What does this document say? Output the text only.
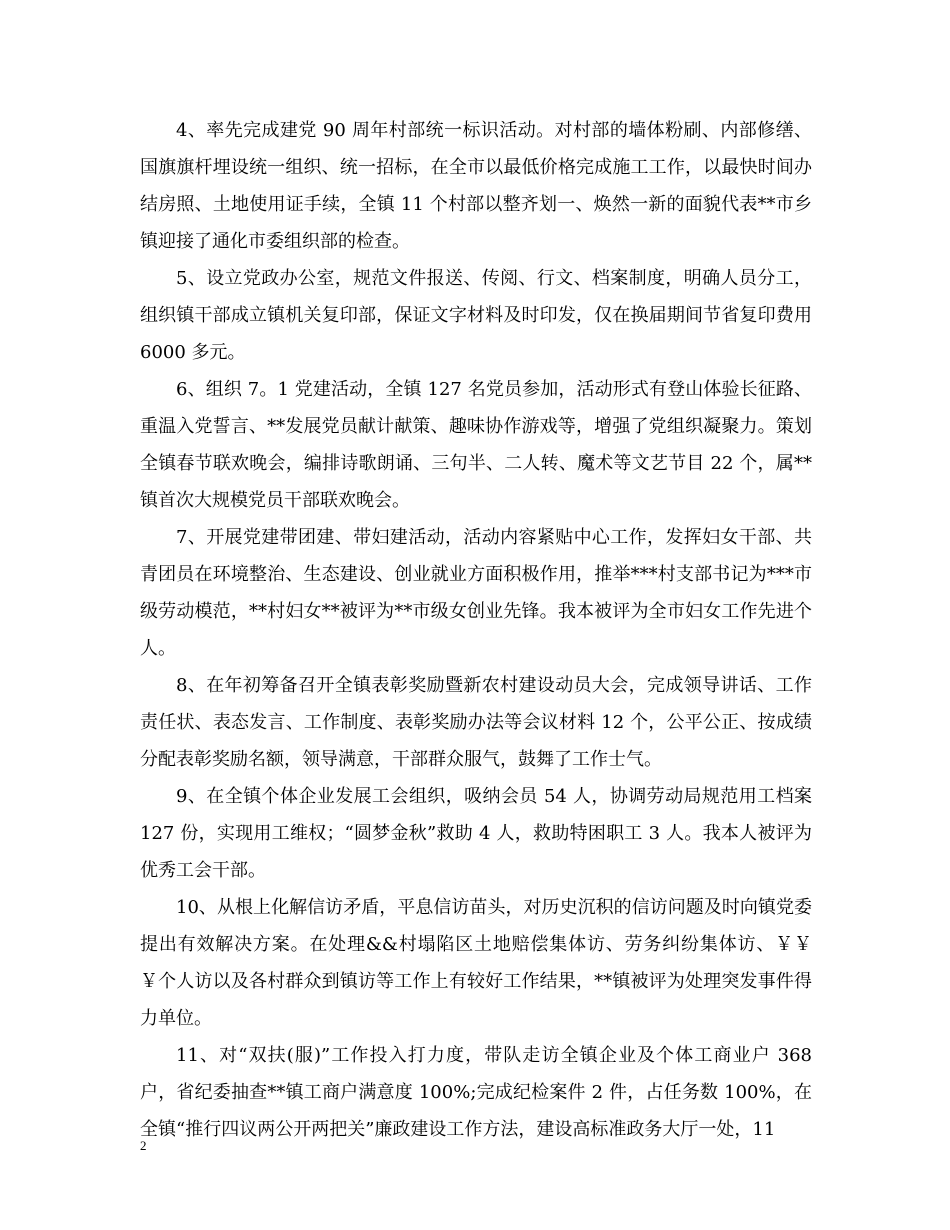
4、率先完成建党 90 周年村部统一标识活动。对村部的墙体粉刷、内部修缮、国旗旗杆埋设统一组织、统一招标，在全市以最低价格完成施工工作，以最快时间办结房照、土地使用证手续，全镇 11 个村部以整齐划一、焕然一新的面貌代表**市乡镇迎接了通化市委组织部的检查。

5、设立党政办公室，规范文件报送、传阅、行文、档案制度，明确人员分工，组织镇干部成立镇机关复印部，保证文字材料及时印发，仅在换届期间节省复印费用 6000 多元。

6、组织 7。1 党建活动，全镇 127 名党员参加，活动形式有登山体验长征路、重温入党誓言、**发展党员献计献策、趣味协作游戏等，增强了党组织凝聚力。策划全镇春节联欢晚会，编排诗歌朗诵、三句半、二人转、魔术等文艺节目 22 个，属**镇首次大规模党员干部联欢晚会。

7、开展党建带团建、带妇建活动，活动内容紧贴中心工作，发挥妇女干部、共青团员在环境整治、生态建设、创业就业方面积极作用，推举***村支部书记为***市级劳动模范，**村妇女**被评为**市级女创业先锋。我本被评为全市妇女工作先进个人。

8、在年初筹备召开全镇表彰奖励暨新农村建设动员大会，完成领导讲话、工作责任状、表态发言、工作制度、表彰奖励办法等会议材料 12 个，公平公正、按成绩分配表彰奖励名额，领导满意，干部群众服气，鼓舞了工作士气。

9、在全镇个体企业发展工会组织，吸纳会员 54 人，协调劳动局规范用工档案 127 份，实现用工维权；“圆梦金秋”救助 4 人，救助特困职工 3 人。我本人被评为优秀工会干部。

10、从根上化解信访矛盾，平息信访苗头，对历史沉积的信访问题及时向镇党委提出有效解决方案。在处理&&村塌陷区土地赔偿集体访、劳务纠纷集体访、￥￥￥个人访以及各村群众到镇访等工作上有较好工作结果，**镇被评为处理突发事件得力单位。

11、对“双扶(服)”工作投入打力度，带队走访全镇企业及个体工商业户 368 户，省纪委抽查**镇工商户满意度 100%;完成纪检案件 2 件，占任务数 100%，在全镇“推行四议两公开两把关”廉政建设工作方法，建设高标准政务大厅一处，11

2
